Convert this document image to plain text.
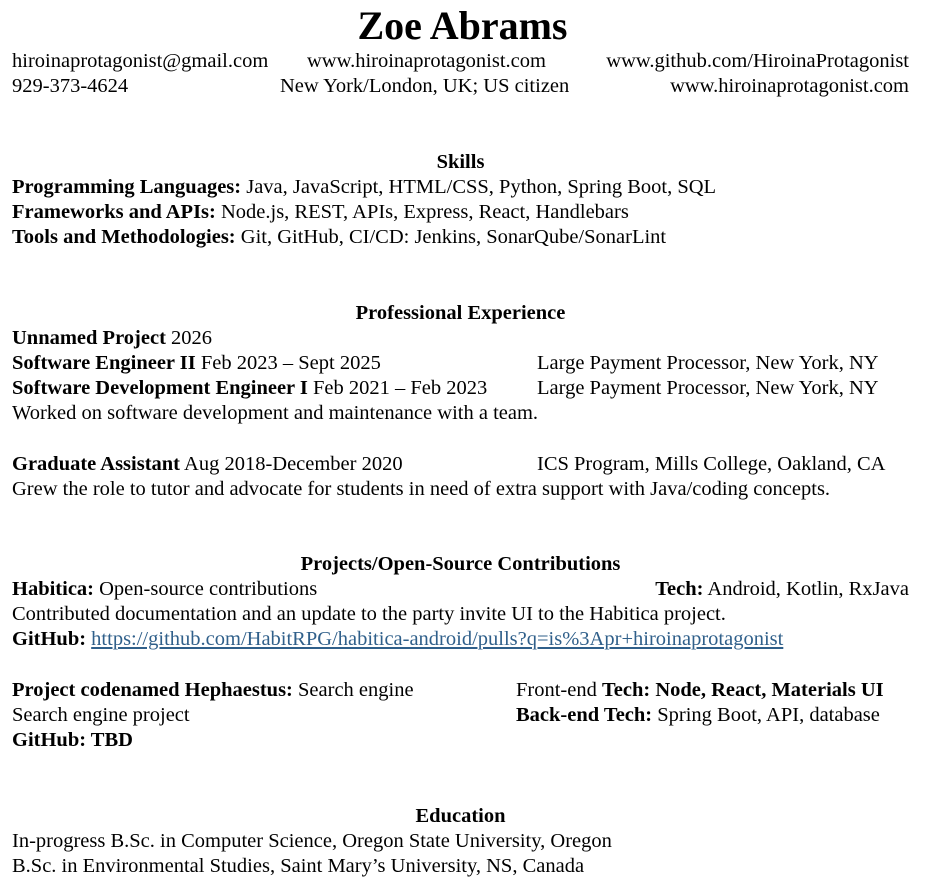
Zoe Abrams
hiroinaprotagonist@gmail.com www.hiroinaprotagonist.com	www.github.com/HiroinaProtagonist
929-373-4624	New York/London, UK; US citizen	www.hiroinaprotagonist.com
Skills
Programming Languages: Java, JavaScript, HTML/CSS, Python, Spring Boot, SQL
Frameworks and APIs: Node.js, REST, APIs, Express, React, Handlebars
Tools and Methodologies: Git, GitHub, CI/CD: Jenkins, SonarQube/SonarLint
Professional Experience
Unnamed Project 2026
Software Engineer II Feb 2023 – Sept 2025	Large Payment Processor, New York, NY
Software Development Engineer I Feb 2021 – Feb 2023 Large Payment Processor, New York, NY
Worked on software development and maintenance with a team.
Graduate Assistant Aug 2018-December 2020	ICS Program, Mills College, Oakland, CA
Grew the role to tutor and advocate for students in need of extra support with Java/coding concepts.
Projects/Open-Source Contributions
Habitica: Open-source contributions	Tech: Android, Kotlin, RxJava
Contributed documentation and an update to the party invite UI to the Habitica project.
GitHub: https://github.com/HabitRPG/habitica-android/pulls?q=is%3Apr+hiroinaprotagonist
Project codenamed Hephaestus: Search engine	Front-end Tech: Node, React, Materials UI
Search engine project	Back-end Tech: Spring Boot, API, database
GitHub: TBD
Education
In-progress B.Sc. in Computer Science, Oregon State University, Oregon
B.Sc. in Environmental Studies, Saint Mary’s University, NS, Canada
